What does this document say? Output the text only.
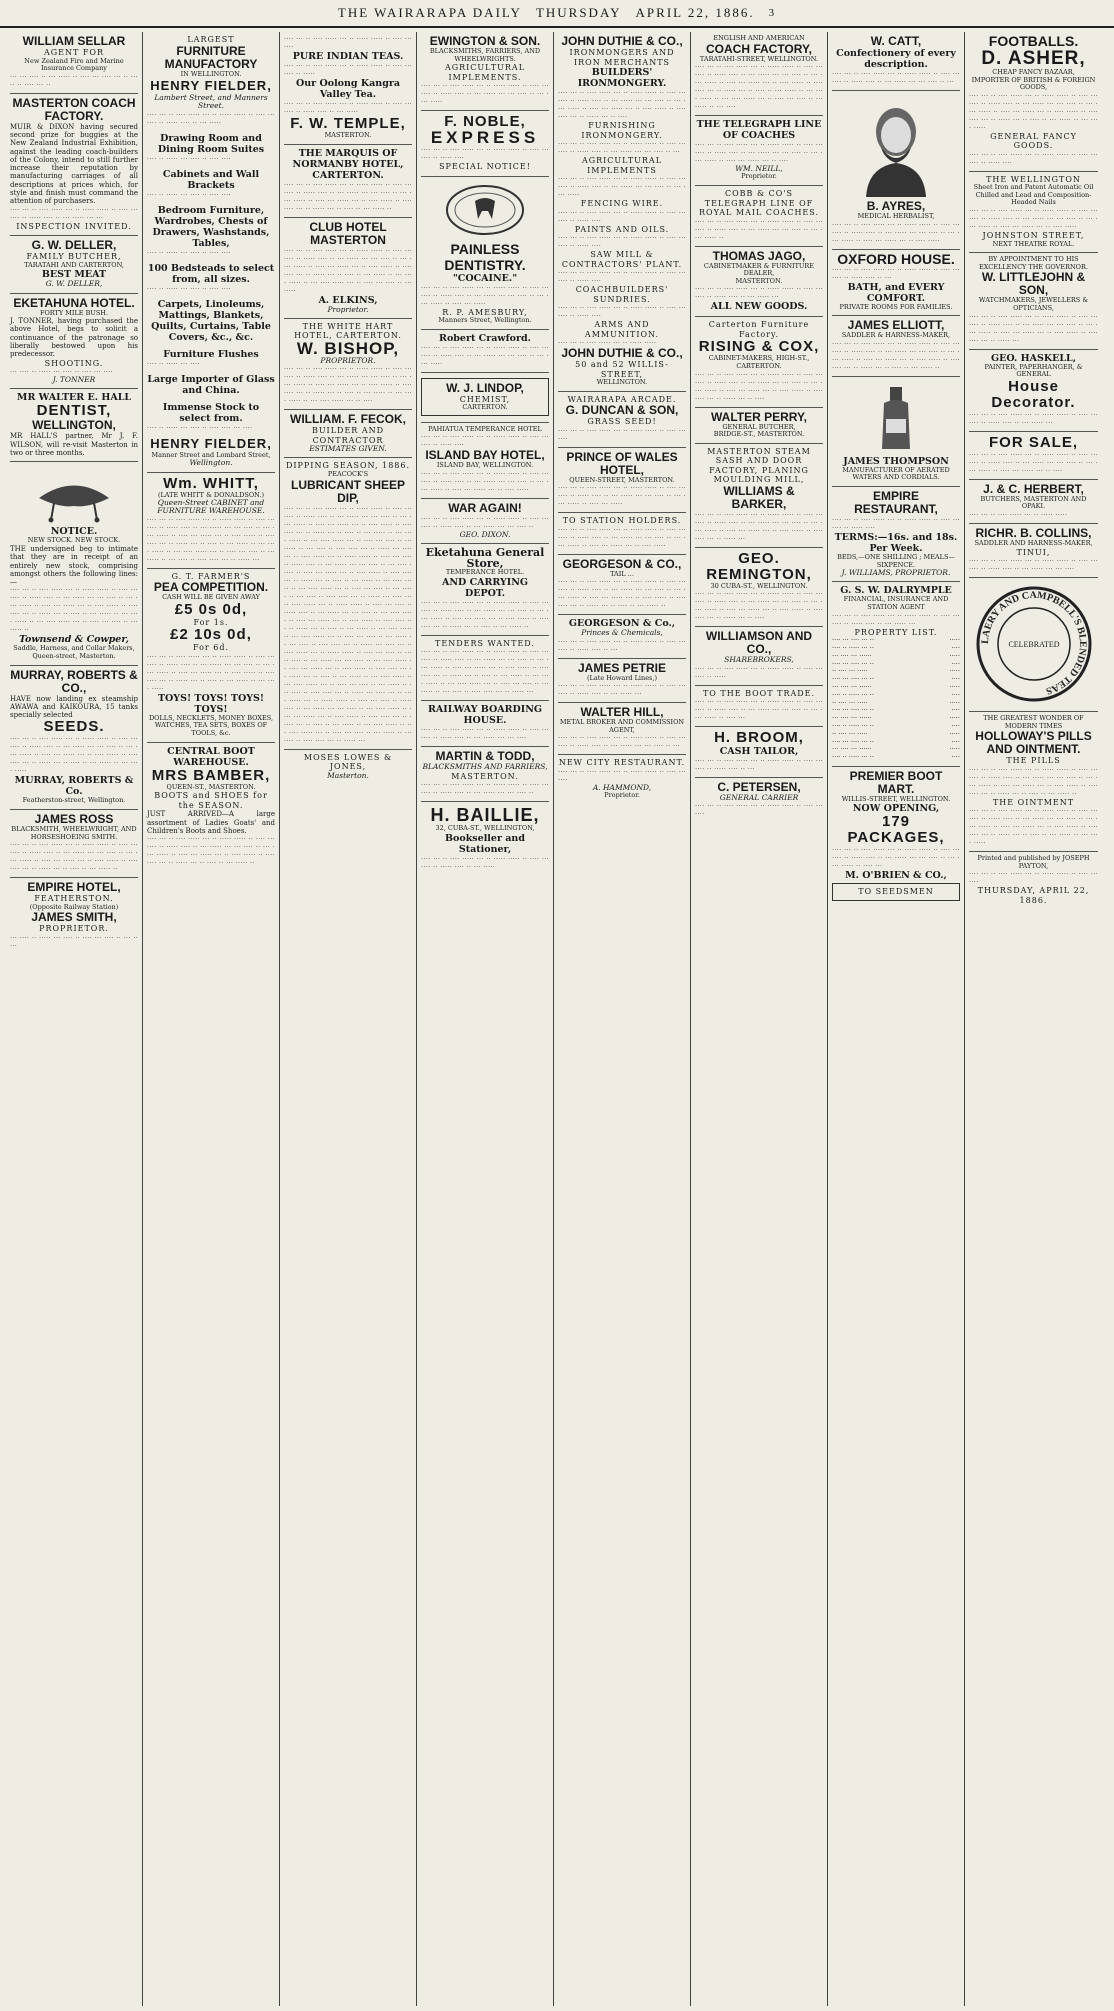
THE WAIRARAPA DAILY THURSDAY APRIL 22, 1886. 3
WILLIAM SELLAR
AGENT FOR
New Zealand Fire and Marine Insurance Company
··· ··· ···· ·· ··· ····· ·· ···· ··· ···· ··· ·· ····· ·· ···· ··· ··
MASTERTON COACH FACTORY.
MUIR & DIXON having secured second prize for buggies at the New Zealand Industrial Exhibition, against the leading coach-builders of the Colony, intend to still further increase their reputation by manufacturing carriages of all descriptions at prices which, for style and finish must command the attention of purchasers.
···· ··· ·· ···· ····· ··· ·· ····· ····· ·· ···· ··· ···· ·· ····· ···· ·· ··· ····· ··· ···
INSPECTION INVITED.
G. W. DELLER,
FAMILY BUTCHER,
TARATAHI AND CARTERTON,
BEST MEAT
G. W. DELLER,
EKETAHUNA HOTEL.
FORTY MILE BUSH.
J. TONNER, having purchased the above Hotel, begs to solicit a continuance of the patronage so liberally bestowed upon his predecessor.
SHOOTING.
··· ···· ·· ····· ··· ···· ·· ···· ··· ····
J. TONNER
MR WALTER E. HALL
DENTIST,
WELLINGTON,
MR HALL'S partner, Mr J. F. WILSON, will re-visit Masterton in two or three months.
NOTICE.
NEW STOCK. NEW STOCK.
THE undersigned beg to intimate that they are in receipt of an entirely new stock, comprising amongst others the following lines:—
···· ··· ·· ···· ····· ··· ·· ····· ····· ·· ···· ··· ···· ·· ····· ···· ·· ··· ····· ··· ··· ···· ·· ··· ···· ····· ·· ···· ··· ····· ··· ·· ···· ····· ·· ···· ···· ··· ·· ····· ··· ·· ···· ·· ··· ····· ·· ··· ···· ····· ·· ··· ···· ····· ··· ·· ···· ··· ···· ·· ··· ····· ··
Townsend & Cowper,
Saddle, Harness, and Collar Makers, Queen-street, Masterton.
MURRAY, ROBERTS & CO.,
HAVE now landing ex steamship AWAWA and KAIKOURA, 15 tanks specially selected
SEEDS.
···· ··· ·· ···· ····· ··· ·· ····· ····· ·· ···· ··· ···· ·· ····· ···· ·· ··· ····· ··· ··· ···· ·· ··· ···· ····· ·· ···· ··· ····· ··· ·· ···· ····· ·· ···· ···· ··· ·· ····· ··· ·· ···· ·· ··· ····· ·· ··· ···· ·····
MURRAY, ROBERTS & Co.
Featherston-street, Wellington.
JAMES ROSS
BLACKSMITH, WHEELWRIGHT, AND HORSESHOEING SMITH.
···· ··· ·· ···· ····· ··· ·· ····· ····· ·· ···· ··· ···· ·· ····· ···· ·· ··· ····· ··· ··· ···· ·· ··· ···· ····· ·· ···· ··· ····· ··· ·· ···· ····· ·· ···· ···· ··· ·· ····· ··· ·· ···· ·· ··· ····· ··
EMPIRE HOTEL,
FEATHERSTON.
(Opposite Railway Station)
JAMES SMITH,
PROPRIETOR.
··· ···· ·· ····· ··· ···· ·· ···· ··· ···· ·· ··· ·····
LARGEST
FURNITURE MANUFACTORY
IN WELLINGTON.
HENRY FIELDER,
Lambert Street, and Manners Street.
···· ··· ·· ···· ····· ··· ·· ····· ····· ·· ···· ··· ···· ·· ····· ···· ·· ··· ·····
Drawing Room and Dining Room Suites
···· ·· ····· ··· ···· ·· ···· ····
Cabinets and Wall Brackets
···· ·· ····· ··· ···· ·· ···· ····
Bedroom Furniture, Wardrobes, Chests of Drawers, Washstands, Tables,
···· ·· ····· ··· ···· ·· ···· ····
100 Bedsteads to select from, all sizes.
···· ·· ····· ··· ···· ·· ···· ····
Carpets, Linoleums, Mattings, Blankets, Quilts, Curtains, Table Covers, &c., &c.
Furniture Flushes
···· ·· ····· ··· ····
Large Importer of Glass and China.
Immense Stock to select from.
···· ·· ····· ··· ···· ·· ···· ···· ··· ····
HENRY FIELDER,
Manner Street and Lombard Street,
Wellington.
Wm. WHITT,
(LATE WHITT & DONALDSON.)
Queen-Street CABINET and FURNITURE WAREHOUSE.
···· ··· ·· ···· ····· ··· ·· ····· ····· ·· ···· ··· ···· ·· ····· ···· ·· ··· ····· ··· ··· ···· ·· ··· ···· ····· ·· ···· ··· ····· ··· ·· ···· ····· ·· ···· ···· ··· ·· ····· ··· ·· ···· ·· ··· ····· ·· ··· ···· ····· ·· ··· ···· ····· ··· ·· ···· ··· ···· ·· ··· ····· ·· ··· ···· ·· ···· ···· ··· ·· ····· ···
G. T. FARMER'S
PEA COMPETITION.
CASH WILL BE GIVEN AWAY
£5 0s 0d,
For 1s.
£2 10s 0d,
For 6d.
···· ··· ·· ···· ····· ··· ·· ····· ····· ·· ···· ··· ···· ·· ····· ···· ·· ··· ····· ··· ··· ···· ·· ··· ···· ····· ·· ···· ··· ····· ··· ·· ···· ····· ·· ···· ···· ··· ·· ····· ··· ·· ···· ·· ··· ····· ·· ··· ···· ·····
TOYS! TOYS! TOYS! TOYS!
DOLLS, NECKLETS, MONEY BOXES, WATCHES, TEA SETS, BOXES OF TOOLS, &c.
CENTRAL BOOT WAREHOUSE.
MRS BAMBER,
QUEEN-ST., MASTERTON.
BOOTS and SHOES for the SEASON.
JUST ARRIVED—A large assortment of Ladies Goats' and Children's Boots and Shoes.
···· ··· ·· ···· ····· ··· ·· ····· ····· ·· ···· ··· ···· ·· ····· ···· ·· ··· ····· ··· ··· ···· ·· ··· ···· ····· ·· ···· ··· ····· ··· ·· ···· ····· ·· ···· ···· ··· ·· ····· ··· ·· ···· ·· ··· ····· ··
···· ··· ·· ···· ····· ··· ·· ····· ····· ·· ···· ··· ····
PURE INDIAN TEAS.
···· ··· ·· ···· ····· ··· ·· ····· ····· ·· ···· ··· ···· ·· ·····
Our Oolong Kangra Valley Tea.
···· ··· ·· ···· ····· ··· ·· ····· ····· ·· ···· ··· ···· ·· ····· ···· ·· ··· ·····
F. W. TEMPLE,
MASTERTON.
THE MARQUIS OF NORMANBY HOTEL, CARTERTON.
···· ··· ·· ···· ····· ··· ·· ····· ····· ·· ···· ··· ···· ·· ····· ···· ·· ··· ····· ··· ··· ···· ·· ··· ···· ····· ·· ···· ··· ····· ··· ·· ···· ····· ·· ···· ···· ··· ·· ····· ··· ·· ···· ·· ··· ····· ··
CLUB HOTEL MASTERTON
···· ··· ·· ···· ····· ··· ·· ····· ····· ·· ···· ··· ···· ·· ····· ···· ·· ··· ····· ··· ··· ···· ·· ··· ···· ····· ·· ···· ··· ····· ··· ·· ···· ····· ·· ···· ···· ··· ·· ····· ··· ·· ···· ·· ··· ····· ·· ··· ···· ····· ·· ··· ···· ····· ··· ·· ···· ··· ···· ·· ··· ·····
A. ELKINS,
Proprietor.
THE WHITE HART HOTEL, CARTERTON.
W. BISHOP,
PROPRIETOR.
···· ··· ·· ···· ····· ··· ·· ····· ····· ·· ···· ··· ···· ·· ····· ···· ·· ··· ····· ··· ··· ···· ·· ··· ···· ····· ·· ···· ··· ····· ··· ·· ···· ····· ·· ···· ···· ··· ·· ····· ··· ·· ···· ·· ··· ····· ·· ··· ···· ····· ·· ··· ···· ····· ··· ·· ····
WILLIAM. F. FECOK,
BUILDER AND CONTRACTOR
ESTIMATES GIVEN.
DIPPING SEASON, 1886.
PEACOCK'S
LUBRICANT SHEEP DIP,
···· ··· ·· ···· ····· ··· ·· ····· ····· ·· ···· ··· ···· ·· ····· ···· ·· ··· ····· ··· ··· ···· ·· ··· ···· ····· ·· ···· ··· ····· ··· ·· ···· ····· ·· ···· ···· ··· ·· ····· ··· ·· ···· ·· ··· ····· ·· ··· ···· ····· ·· ··· ···· ····· ··· ·· ···· ··· ···· ·· ··· ····· ·· ··· ···· ·· ···· ···· ··· ·· ····· ··· ···· ··· ·· ···· ····· ··· ·· ····· ····· ·· ···· ··· ···· ·· ····· ···· ·· ··· ····· ··· ··· ···· ·· ··· ···· ····· ·· ···· ··· ····· ··· ·· ···· ····· ·· ···· ···· ··· ·· ····· ··· ·· ···· ·· ··· ····· ·· ··· ···· ····· ·· ··· ···· ····· ··· ·· ···· ··· ···· ·· ··· ····· ·· ··· ···· ·· ···· ···· ··· ·· ····· ··· ···· ··· ·· ···· ····· ··· ·· ····· ····· ·· ···· ··· ···· ·· ····· ···· ·· ··· ····· ··· ··· ···· ·· ··· ···· ····· ·· ···· ··· ····· ··· ·· ···· ····· ·· ···· ···· ··· ·· ····· ··· ·· ···· ·· ··· ····· ·· ··· ···· ····· ·· ··· ···· ····· ··· ·· ···· ··· ···· ·· ··· ····· ·· ··· ···· ·· ···· ···· ··· ·· ····· ··· ···· ··· ·· ···· ····· ··· ·· ····· ····· ·· ···· ··· ···· ·· ····· ···· ·· ··· ····· ··· ··· ···· ·· ··· ···· ····· ·· ···· ··· ····· ··· ·· ···· ····· ·· ···· ···· ··· ·· ····· ··· ·· ···· ·· ··· ····· ·· ··· ···· ····· ·· ··· ···· ····· ··· ·· ···· ··· ···· ·· ··· ····· ·· ··· ···· ·· ···· ···· ··· ·· ····· ··· ···· ··· ·· ···· ····· ··· ·· ····· ····· ·· ···· ··· ···· ·· ····· ···· ·· ··· ····· ··· ··· ···· ·· ··· ···· ····· ·· ···· ··· ····· ··· ·· ···· ····· ·· ···· ···· ··· ·· ····· ··· ·· ···· ·· ··· ····· ·· ··· ···· ····· ·· ··· ···· ····· ··· ·· ···· ··· ···· ·· ··· ····· ·· ··· ···· ·· ···· ···· ··· ·· ····· ···
MOSES LOWES & JONES,
Masterton.
EWINGTON & SON.
BLACKSMITHS, FARRIERS, AND WHEELWRIGHTS.
AGRICULTURAL IMPLEMENTS.
···· ··· ·· ···· ····· ··· ·· ····· ····· ·· ···· ··· ···· ·· ····· ···· ·· ··· ····· ··· ··· ···· ·· ··· ···· ·····
F. NOBLE,
EXPRESS
···· ··· ·· ···· ····· ··· ·· ····· ····· ·· ···· ··· ···· ·· ····· ····
SPECIAL NOTICE!
PAINLESS DENTISTRY.
"COCAINE."
···· ··· ·· ···· ····· ··· ·· ····· ····· ·· ···· ··· ···· ·· ····· ···· ·· ··· ····· ··· ··· ···· ·· ··· ···· ····· ·· ···· ··· ·····
R. P. AMESBURY,
Manners Street, Wellington.
Robert Crawford.
···· ··· ·· ···· ····· ··· ·· ····· ····· ·· ···· ··· ···· ·· ····· ···· ·· ··· ····· ··· ··· ···· ·· ··· ···· ·····
W. J. LINDOP,
CHEMIST,
CARTERTON.
PAHIATUA TEMPERANCE HOTEL
···· ··· ·· ···· ····· ··· ·· ····· ····· ·· ···· ··· ···· ·· ····· ····
ISLAND BAY HOTEL,
ISLAND BAY, WELLINGTON.
···· ··· ·· ···· ····· ··· ·· ····· ····· ·· ···· ··· ···· ·· ····· ···· ·· ··· ····· ··· ··· ···· ·· ··· ···· ····· ·· ···· ··· ····· ··· ·· ···· ·····
WAR AGAIN!
···· ··· ·· ···· ····· ··· ·· ····· ····· ·· ···· ··· ···· ·· ····· ···· ·· ··· ····· ··· ··· ···· ··
GEO. DIXON.
Eketahuna General Store,
TEMPERANCE HOTEL.
AND CARRYING DEPOT.
···· ··· ·· ···· ····· ··· ·· ····· ····· ·· ···· ··· ···· ·· ····· ···· ·· ··· ····· ··· ··· ···· ·· ··· ···· ····· ·· ···· ··· ····· ··· ·· ···· ····· ·· ···· ···· ··· ·· ····· ··· ·· ···· ·· ··· ····· ··
TENDERS WANTED.
···· ··· ·· ···· ····· ··· ·· ····· ····· ·· ···· ··· ···· ·· ····· ···· ·· ··· ····· ··· ··· ···· ·· ··· ···· ····· ·· ···· ··· ····· ··· ·· ···· ····· ·· ···· ···· ··· ·· ····· ··· ·· ···· ·· ··· ····· ·· ··· ···· ····· ·· ··· ···· ····· ··· ·· ···· ··· ···· ·· ··· ····· ·· ··· ···· ·· ···· ···· ··· ·· ····· ···
RAILWAY BOARDING HOUSE.
···· ··· ·· ···· ····· ··· ·· ····· ····· ·· ···· ··· ···· ·· ····· ···· ·· ··· ····· ··· ··· ····
MARTIN & TODD,
BLACKSMITHS AND FARRIERS,
MASTERTON.
···· ··· ·· ···· ····· ··· ·· ····· ····· ·· ···· ··· ···· ·· ····· ···· ·· ··· ····· ··· ··· ···· ··
H. BAILLIE,
32, CUBA-ST., WELLINGTON,
Bookseller and Stationer,
···· ··· ·· ···· ····· ··· ·· ····· ····· ·· ···· ··· ···· ·· ····· ···· ·· ··· ·····
JOHN DUTHIE & CO.,
IRONMONGERS AND IRON MERCHANTS
BUILDERS' IRONMONGERY.
···· ··· ·· ···· ····· ··· ·· ····· ····· ·· ···· ··· ···· ·· ····· ···· ·· ··· ····· ··· ··· ···· ·· ··· ···· ····· ·· ···· ··· ····· ··· ·· ···· ····· ·· ···· ···· ··· ·· ····· ··· ·· ····
FURNISHING IRONMONGERY.
···· ··· ·· ···· ····· ··· ·· ····· ····· ·· ···· ··· ···· ·· ····· ···· ·· ··· ····· ··· ··· ···· ·· ···
AGRICULTURAL IMPLEMENTS
···· ··· ·· ···· ····· ··· ·· ····· ····· ·· ···· ··· ···· ·· ····· ···· ·· ··· ····· ··· ··· ···· ·· ··· ···· ·····
FENCING WIRE.
···· ··· ·· ···· ····· ··· ·· ····· ····· ·· ···· ··· ···· ·· ····· ····
PAINTS AND OILS.
···· ··· ·· ···· ····· ··· ·· ····· ····· ·· ···· ··· ···· ·· ····· ····
SAW MILL & CONTRACTORS' PLANT.
···· ··· ·· ···· ····· ··· ·· ····· ····· ·· ···· ··· ···· ·· ····· ····
COACHBUILDERS' SUNDRIES.
···· ··· ·· ···· ····· ··· ·· ····· ····· ·· ···· ··· ···· ·· ····· ····
ARMS AND AMMUNITION.
···· ··· ·· ···· ····· ··· ·· ····· ·····
JOHN DUTHIE & CO.,
50 and 52 WILLIS-STREET,
WELLINGTON.
WAIRARAPA ARCADE.
G. DUNCAN & SON,
GRASS SEED!
···· ··· ·· ···· ····· ··· ·· ····· ····· ·· ···· ··· ····
PRINCE OF WALES HOTEL,
QUEEN-STREET, MASTERTON.
···· ··· ·· ···· ····· ··· ·· ····· ····· ·· ···· ··· ···· ·· ····· ···· ·· ··· ····· ··· ··· ···· ·· ··· ···· ····· ·· ···· ··· ·····
TO STATION HOLDERS.
···· ··· ·· ···· ····· ··· ·· ····· ····· ·· ···· ··· ···· ·· ····· ···· ·· ··· ····· ··· ··· ···· ·· ··· ···· ····· ·· ···· ··· ····· ··· ·· ···· ·····
GEORGESON & CO.,
TAIL ...
···· ··· ·· ···· ····· ··· ·· ····· ····· ·· ···· ··· ···· ·· ····· ···· ·· ··· ····· ··· ··· ···· ·· ··· ···· ····· ·· ···· ··· ····· ··· ·· ···· ····· ·· ···· ···· ··· ·· ····· ··· ·· ···· ·· ··· ····· ··
GEORGESON & Co.,
Princes & Chemicals,
···· ··· ·· ···· ····· ··· ·· ····· ····· ·· ···· ··· ···· ·· ····· ···· ·· ···
JAMES PETRIE
(Late Howard Lines,)
···· ··· ·· ···· ····· ··· ·· ····· ····· ·· ···· ··· ···· ·· ····· ···· ·· ··· ····· ···
WALTER HILL,
METAL BROKER AND COMMISSION AGENT,
···· ··· ·· ···· ····· ··· ·· ····· ····· ·· ···· ··· ···· ·· ····· ···· ·· ··· ····· ··· ··· ···· ·· ···
NEW CITY RESTAURANT.
···· ··· ·· ···· ····· ··· ·· ····· ····· ·· ···· ··· ····
A. HAMMOND,
Proprietor.
ENGLISH AND AMERICAN
COACH FACTORY,
TARATAHI-STREET, WELLINGTON.
···· ··· ·· ···· ····· ··· ·· ····· ····· ·· ···· ··· ···· ·· ····· ···· ·· ··· ····· ··· ··· ···· ·· ··· ···· ····· ·· ···· ··· ····· ··· ·· ···· ····· ·· ···· ···· ··· ·· ····· ··· ·· ···· ·· ··· ····· ·· ··· ···· ····· ·· ··· ···· ····· ··· ·· ···· ··· ···· ·· ··· ····· ·· ··· ····
THE TELEGRAPH LINE OF COACHES
···· ··· ·· ···· ····· ··· ·· ····· ····· ·· ···· ··· ···· ·· ····· ···· ·· ··· ····· ··· ··· ···· ·· ··· ···· ····· ·· ···· ··· ····· ··· ·· ····
WM. NEILL,
Proprietor.
COBB & CO'S TELEGRAPH LINE OF ROYAL MAIL COACHES.
···· ··· ·· ···· ····· ··· ·· ····· ····· ·· ···· ··· ···· ·· ····· ···· ·· ··· ····· ··· ··· ···· ·· ··· ···· ····· ··
THOMAS JAGO,
CABINETMAKER & FURNITURE DEALER,
MASTERTON.
···· ··· ·· ···· ····· ··· ·· ····· ····· ·· ···· ··· ···· ·· ····· ···· ·· ··· ····· ···
ALL NEW GOODS.
Carterton Furniture Factory.
RISING & COX,
CABINET-MAKERS, HIGH-ST., CARTERTON.
···· ··· ·· ···· ····· ··· ·· ····· ····· ·· ···· ··· ···· ·· ····· ···· ·· ··· ····· ··· ··· ···· ·· ··· ···· ····· ·· ···· ··· ····· ··· ·· ···· ····· ·· ···· ···· ··· ·· ····· ··· ·· ····
WALTER PERRY,
GENERAL BUTCHER,
BRIDGE-ST., MASTERTON.
MASTERTON STEAM SASH AND DOOR FACTORY, PLANING MOULDING MILL,
WILLIAMS & BARKER,
···· ··· ·· ···· ····· ··· ·· ····· ····· ·· ···· ··· ···· ·· ····· ···· ·· ··· ····· ··· ··· ···· ·· ··· ···· ····· ·· ···· ··· ····· ··· ·· ···· ····· ·· ···· ···· ··· ·· ····· ···
GEO. REMINGTON,
30 CUBA-ST., WELLINGTON.
···· ··· ·· ···· ····· ··· ·· ····· ····· ·· ···· ··· ···· ·· ····· ···· ·· ··· ····· ··· ··· ···· ·· ··· ···· ····· ·· ···· ··· ····· ··· ·· ···· ····· ·· ···· ···· ··· ·· ····· ··· ·· ····
WILLIAMSON AND CO.,
SHAREBROKERS,
···· ··· ·· ···· ····· ··· ·· ····· ····· ·· ···· ··· ···· ·· ·····
TO THE BOOT TRADE.
···· ··· ·· ···· ····· ··· ·· ····· ····· ·· ···· ··· ···· ·· ····· ···· ·· ··· ····· ··· ··· ···· ·· ··· ···· ····· ·· ···· ···
H. BROOM,
CASH TAILOR,
···· ··· ·· ···· ····· ··· ·· ····· ····· ·· ···· ··· ···· ·· ····· ···· ·· ···
C. PETERSEN,
GENERAL CARRIER
···· ··· ·· ···· ····· ··· ·· ····· ····· ·· ···· ··· ····
W. CATT,
Confectionery of every description.
···· ··· ·· ···· ····· ··· ·· ····· ····· ·· ···· ··· ···· ·· ····· ···· ·· ··· ····· ··· ··· ···· ·· ···
B. AYRES,
MEDICAL HERBALIST,
···· ··· ·· ···· ····· ··· ·· ····· ····· ·· ···· ··· ···· ·· ····· ···· ·· ··· ····· ··· ··· ···· ·· ··· ···· ····· ·· ···· ··· ····· ··· ·· ···· ·····
OXFORD HOUSE.
···· ··· ·· ···· ····· ··· ·· ····· ····· ·· ···· ··· ···· ·· ····· ···· ·· ···
BATH, and EVERY COMFORT.
PRIVATE ROOMS FOR FAMILIES.
JAMES ELLIOTT,
SADDLER & HARNESS-MAKER,
···· ··· ·· ···· ····· ··· ·· ····· ····· ·· ···· ··· ···· ·· ····· ···· ·· ··· ····· ··· ··· ···· ·· ··· ···· ····· ·· ···· ··· ····· ··· ·· ···· ····· ·· ···· ···· ··· ·· ····· ··· ·· ···· ·· ··· ····· ··
JAMES THOMPSON
MANUFACTURER OF AERATED WATERS AND CORDIALS.
EMPIRE RESTAURANT,
···· ··· ·· ···· ····· ··· ·· ····· ····· ·· ···· ··· ···· ·· ····· ····
TERMS:—16s. and 18s. Per Week.
BEDS,—ONE SHILLING ; MEALS—SIXPENCE.
J. WILLIAMS, PROPRIETOR.
G. S. W. DALRYMPLE
FINANCIAL, INSURANCE AND STATION AGENT
···· ··· ·· ···· ····· ··· ·· ····· ····· ·· ···· ··· ···· ·· ····· ···· ·· ··· ····· ···
PROPERTY LIST.
···· ··· ···· ··· ··	·····
···· ·· ····· ··· ··	····
··· ···· ··· ······	·····
···· ··· ···· ··· ··	····
·· ···· ··· ·····	·····
···· ··· ···· ··· ··	····
··· ···· ··· ······	·····
···· ·· ····· ··· ··	····
·· ···· ··· ·····	·····
···· ··· ···· ··· ··	····
··· ···· ··· ······	·····
···· ·· ····· ··· ··	····
·· ···· ··· ·····	·····
···· ··· ···· ··· ··	····
··· ···· ··· ······	·····
···· ·· ····· ··· ··	····
PREMIER BOOT MART.
WILLIS-STREET, WELLINGTON.
NOW OPENING,
179 PACKAGES,
···· ··· ·· ···· ····· ··· ·· ····· ····· ·· ···· ··· ···· ·· ····· ···· ·· ··· ····· ··· ··· ···· ·· ··· ···· ····· ·· ···· ···
M. O'BRIEN & CO.,
TO SEEDSMEN
FOOTBALLS.
D. ASHER,
CHEAP FANCY BAZAAR,
IMPORTER OF BRITISH & FOREIGN GOODS,
···· ··· ·· ···· ····· ··· ·· ····· ····· ·· ···· ··· ···· ·· ····· ···· ·· ··· ····· ··· ··· ···· ·· ··· ···· ····· ·· ···· ··· ····· ··· ·· ···· ····· ·· ···· ···· ··· ·· ····· ··· ·· ···· ·· ··· ····· ·· ··· ···· ·····
GENERAL FANCY GOODS.
···· ··· ·· ···· ····· ··· ·· ····· ····· ·· ···· ··· ···· ·· ····· ····
THE WELLINGTON
Sheet Iron and Patent Automatic Oil Chilled and Lead and Composition-Headed Nails
···· ··· ·· ···· ····· ··· ·· ····· ····· ·· ···· ··· ···· ·· ····· ···· ·· ··· ····· ··· ··· ···· ·· ··· ···· ····· ·· ···· ··· ····· ··· ·· ···· ·····
JOHNSTON STREET,
NEXT THEATRE ROYAL.
BY APPOINTMENT TO HIS EXCELLENCY THE GOVERNOR.
W. LITTLEJOHN & SON,
WATCHMAKERS, JEWELLERS & OPTICIANS,
···· ··· ·· ···· ····· ··· ·· ····· ····· ·· ···· ··· ···· ·· ····· ···· ·· ··· ····· ··· ··· ···· ·· ··· ···· ····· ·· ···· ··· ····· ··· ·· ···· ····· ·· ···· ···· ··· ·· ····· ···
GEO. HASKELL,
PAINTER, PAPERHANGER, & GENERAL
House Decorator.
···· ··· ·· ···· ····· ··· ·· ····· ····· ·· ···· ··· ···· ·· ····· ···· ·· ··· ····· ···
FOR SALE,
···· ··· ·· ···· ····· ··· ·· ····· ····· ·· ···· ··· ···· ·· ····· ···· ·· ··· ····· ··· ··· ···· ·· ··· ···· ····· ·· ···· ··· ····· ··· ·· ····
J. & C. HERBERT,
BUTCHERS, MASTERTON AND OPAKI.
···· ··· ·· ···· ····· ··· ·· ····· ·····
RICHR. B. COLLINS,
SADDLER AND HARNESS-MAKER,
TINUI,
···· ··· ·· ···· ····· ··· ·· ····· ····· ·· ···· ··· ···· ·· ····· ···· ·· ··· ····· ··· ··· ····
LAERY AND CAMPBELL'S BLENDED TEAS
CELEBRATED
THE GREATEST WONDER OF MODERN TIMES
HOLLOWAY'S PILLS AND OINTMENT.
THE PILLS
···· ··· ·· ···· ····· ··· ·· ····· ····· ·· ···· ··· ···· ·· ····· ···· ·· ··· ····· ··· ··· ···· ·· ··· ···· ····· ·· ···· ··· ····· ··· ·· ···· ····· ·· ···· ···· ··· ·· ····· ··· ·· ···· ·· ··· ····· ··
THE OINTMENT
···· ··· ·· ···· ····· ··· ·· ····· ····· ·· ···· ··· ···· ·· ····· ···· ·· ··· ····· ··· ··· ···· ·· ··· ···· ····· ·· ···· ··· ····· ··· ·· ···· ····· ·· ···· ···· ··· ·· ····· ··· ·· ···· ·· ··· ····· ·· ··· ···· ·····
Printed and published by JOSEPH PAYTON,
···· ··· ·· ···· ····· ··· ·· ····· ····· ·· ···· ··· ····
THURSDAY, APRIL 22, 1886.
